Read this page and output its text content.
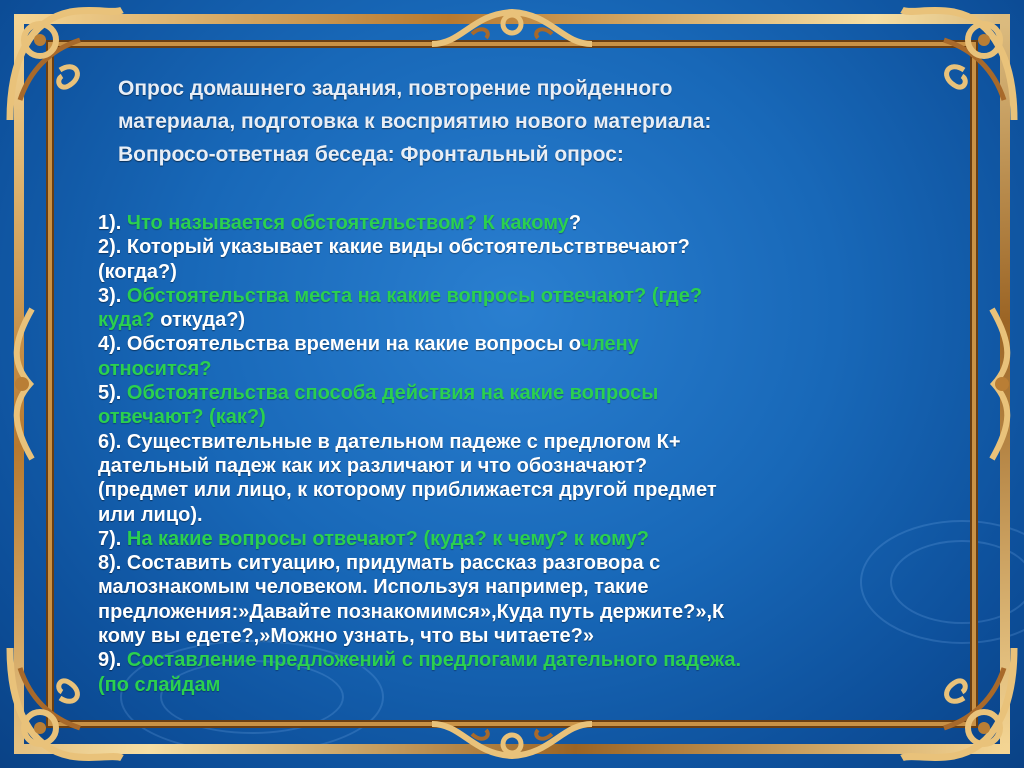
Опрос домашнего задания, повторение пройденного
материала, подготовка к восприятию нового материала:
Вопросо-ответная беседа: Фронтальный опрос:
1). Что называется обстоятельством? К какому?
2). Который указывает какие виды обстоятельствтвечают?
(когда?)
3). Обстоятельства места на какие вопросы отвечают? (где?
куда? откуда?)
4). Обстоятельства времени на какие вопросы очлену
относится?
5). Обстоятельства способа действия на какие вопросы
отвечают? (как?)
6). Существительные в дательном падеже с предлогом К+
дательный падеж как их различают и что обозначают?
(предмет или лицо, к которому приближается другой предмет
или лицо).
7). На какие вопросы отвечают? (куда? к чему? к кому?
8). Составить ситуацию, придумать рассказ разговора с
малознакомым человеком. Используя например, такие
предложения:»Давайте познакомимся»,Куда путь держите?»,К
кому вы едете?,»Можно узнать, что вы читаете?»
9). Составление предложений с предлогами дательного падежа.
(по слайдам
